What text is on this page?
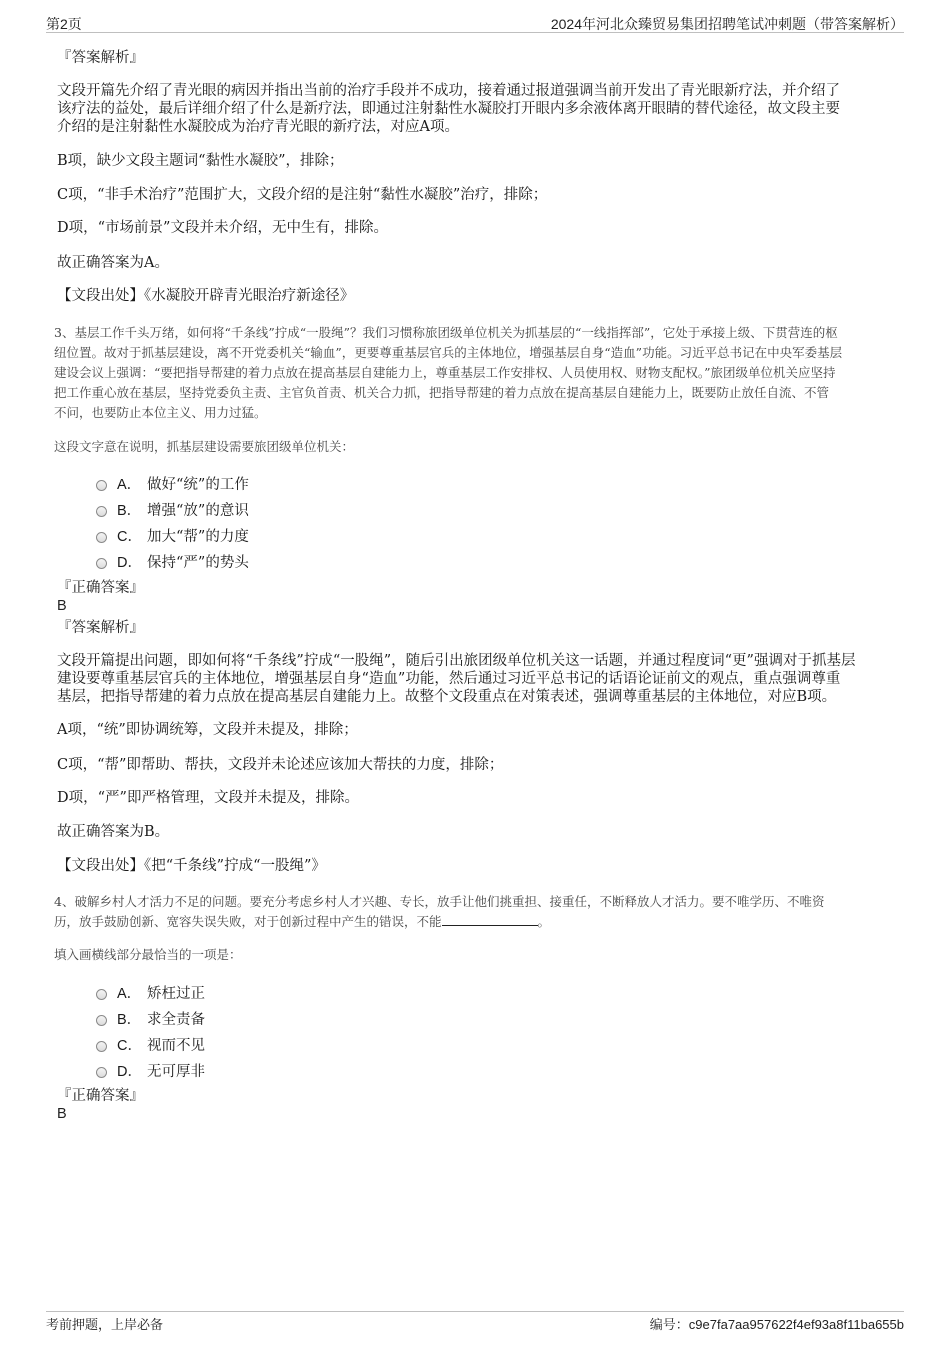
第2页	2024年河北众臻贸易集团招聘笔试冲刺题（带答案解析）
『答案解析』
文段开篇先介绍了青光眼的病因并指出当前的治疗手段并不成功，接着通过报道强调当前开发出了青光眼新疗法，并介绍了
该疗法的益处，最后详细介绍了什么是新疗法，即通过注射黏性水凝胶打开眼内多余液体离开眼睛的替代途径，故文段主要
介绍的是注射黏性水凝胶成为治疗青光眼的新疗法，对应A项。
B项，缺少文段主题词“黏性水凝胶”，排除；
C项，“非手术治疗”范围扩大，文段介绍的是注射“黏性水凝胶”治疗，排除；
D项，“市场前景”文段并未介绍，无中生有，排除。
故正确答案为A。
【文段出处】《水凝胶开辟青光眼治疗新途径》
3、基层工作千头万绪，如何将“千条线”拧成“一股绳”？我们习惯称旅团级单位机关为抓基层的“一线指挥部”，它处于承接上级、下贯营连的枢
纽位置。故对于抓基层建设，离不开党委机关“输血”，更要尊重基层官兵的主体地位，增强基层自身“造血”功能。习近平总书记在中央军委基层
建设会议上强调：“要把指导帮建的着力点放在提高基层自建能力上，尊重基层工作安排权、人员使用权、财物支配权。”旅团级单位机关应坚持
把工作重心放在基层，坚持党委负主责、主官负首责、机关合力抓，把指导帮建的着力点放在提高基层自建能力上，既要防止放任自流、不管
不问，也要防止本位主义、用力过猛。
这段文字意在说明，抓基层建设需要旅团级单位机关：
A． 做好“统”的工作
B． 增强“放”的意识
C． 加大“帮”的力度
D． 保持“严”的势头
『正确答案』
B
『答案解析』
文段开篇提出问题，即如何将“千条线”拧成“一股绳”，随后引出旅团级单位机关这一话题，并通过程度词“更”强调对于抓基层
建设要尊重基层官兵的主体地位，增强基层自身“造血”功能，然后通过习近平总书记的话语论证前文的观点，重点强调尊重
基层，把指导帮建的着力点放在提高基层自建能力上。故整个文段重点在对策表述，强调尊重基层的主体地位，对应B项。
A项，“统”即协调统筹，文段并未提及，排除；
C项，“帮”即帮助、帮扶，文段并未论述应该加大帮扶的力度，排除；
D项，“严”即严格管理，文段并未提及，排除。
故正确答案为B。
【文段出处】《把“千条线”拧成“一股绳”》
4、破解乡村人才活力不足的问题。要充分考虑乡村人才兴趣、专长，放手让他们挑重担、接重任，不断释放人才活力。要不唯学历、不唯资
历，放手鼓励创新、宽容失误失败，对于创新过程中产生的错误，不能	。
填入画横线部分最恰当的一项是：
A． 矫枉过正
B． 求全责备
C． 视而不见
D． 无可厚非
『正确答案』
B
考前押题，上岸必备	编号：c9e7fa7aa957622f4ef93a8f11ba655b
